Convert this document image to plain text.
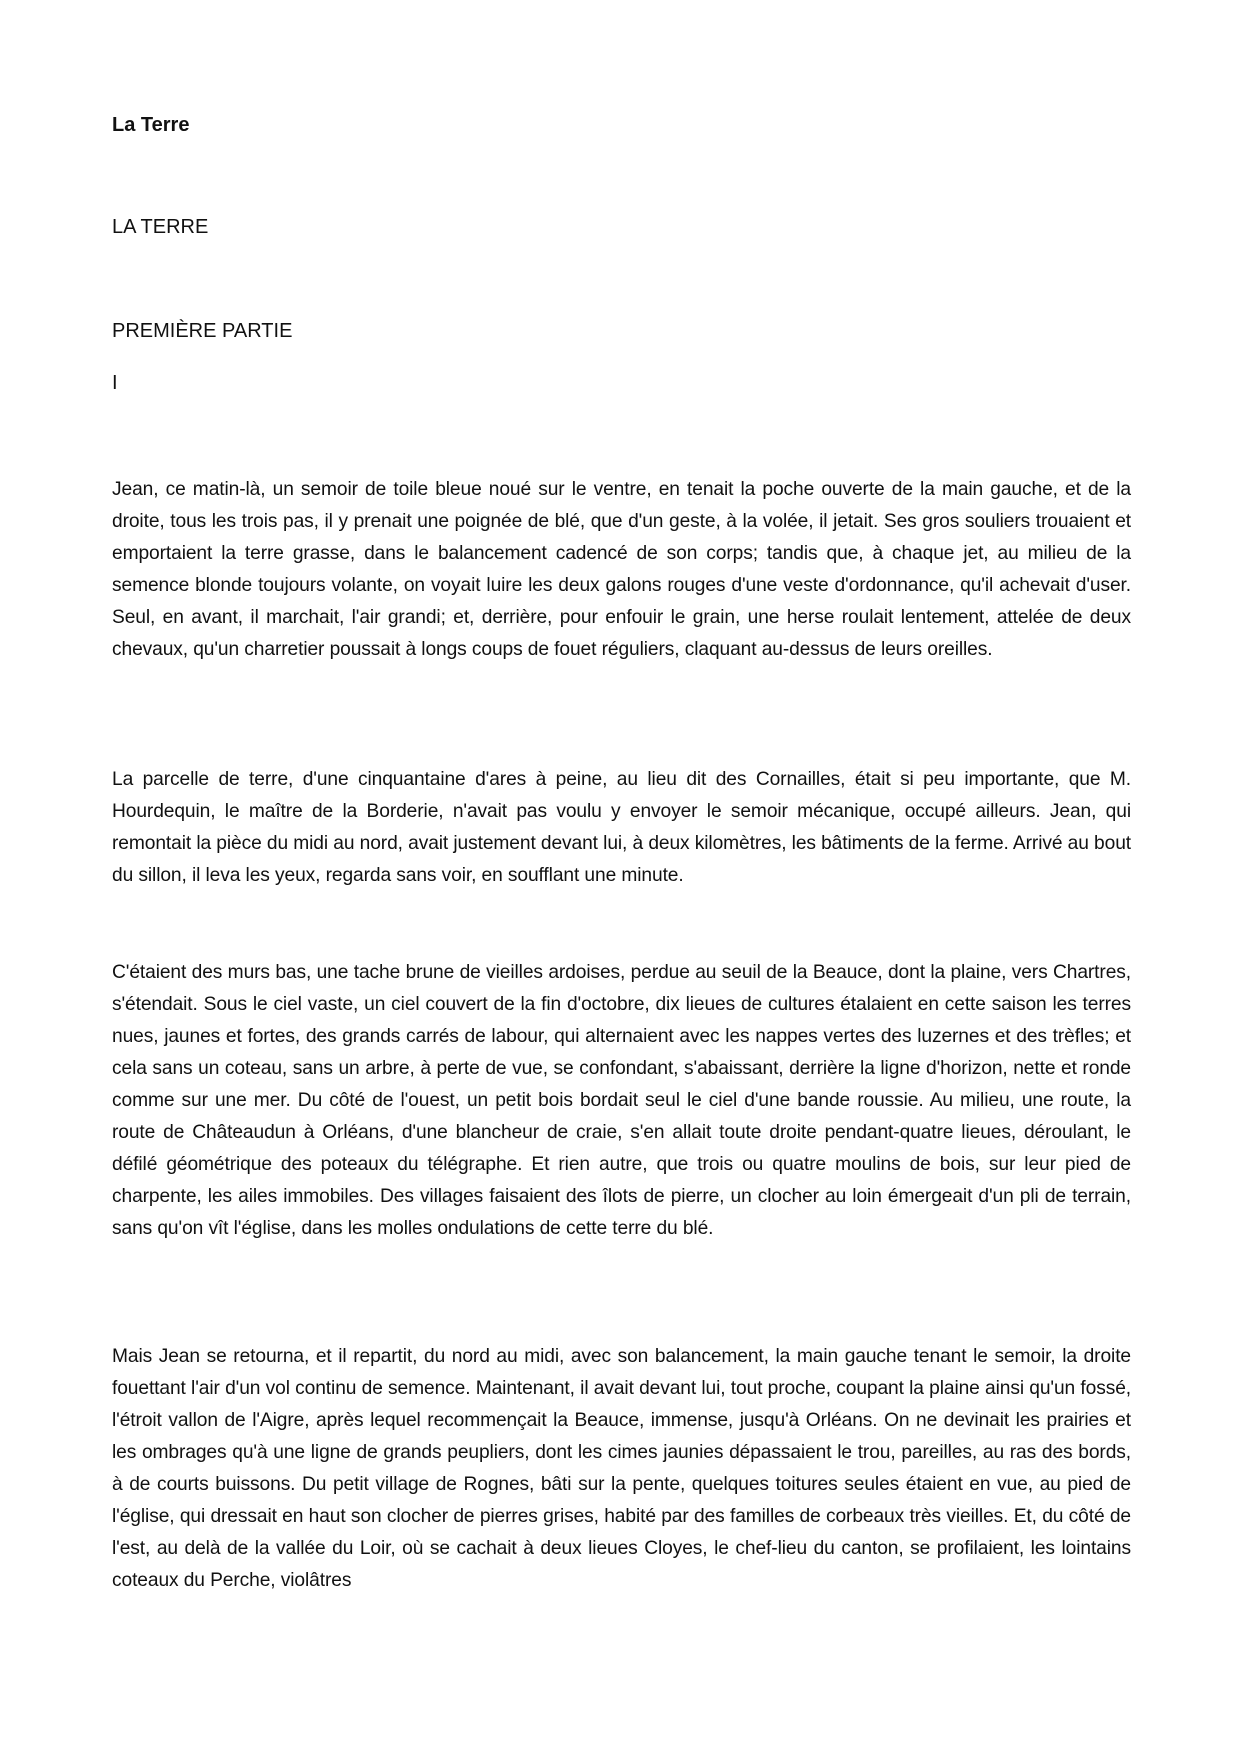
La Terre
LA TERRE
PREMIÈRE PARTIE
I

Jean, ce matin-là, un semoir de toile bleue noué sur le ventre, en tenait la poche ouverte de la main gauche, et de la droite, tous les trois pas, il y prenait une poignée de blé, que d'un geste, à la volée, il jetait. Ses gros souliers trouaient et emportaient la terre grasse, dans le balancement cadencé de son corps; tandis que, à chaque jet, au milieu de la semence blonde toujours volante, on voyait luire les deux galons rouges d'une veste d'ordonnance, qu'il achevait d'user. Seul, en avant, il marchait, l'air grandi; et, derrière, pour enfouir le grain, une herse roulait lentement, attelée de deux chevaux, qu'un charretier poussait à longs coups de fouet réguliers, claquant au-dessus de leurs oreilles.

La parcelle de terre, d'une cinquantaine d'ares à peine, au lieu dit des Cornailles, était si peu importante, que M. Hourdequin, le maître de la Borderie, n'avait pas voulu y envoyer le semoir mécanique, occupé ailleurs. Jean, qui remontait la pièce du midi au nord, avait justement devant lui, à deux kilomètres, les bâtiments de la ferme. Arrivé au bout du sillon, il leva les yeux, regarda sans voir, en soufflant une minute.

C'étaient des murs bas, une tache brune de vieilles ardoises, perdue au seuil de la Beauce, dont la plaine, vers Chartres, s'étendait. Sous le ciel vaste, un ciel couvert de la fin d'octobre, dix lieues de cultures étalaient en cette saison les terres nues, jaunes et fortes, des grands carrés de labour, qui alternaient avec les nappes vertes des luzernes et des trèfles; et cela sans un coteau, sans un arbre, à perte de vue, se confondant, s'abaissant, derrière la ligne d'horizon, nette et ronde comme sur une mer. Du côté de l'ouest, un petit bois bordait seul le ciel d'une bande roussie. Au milieu, une route, la route de Châteaudun à Orléans, d'une blancheur de craie, s'en allait toute droite pendant-quatre lieues, déroulant, le défilé géométrique des poteaux du télégraphe. Et rien autre, que trois ou quatre moulins de bois, sur leur pied de charpente, les ailes immobiles. Des villages faisaient des îlots de pierre, un clocher au loin émergeait d'un pli de terrain, sans qu'on vît l'église, dans les molles ondulations de cette terre du blé.

Mais Jean se retourna, et il repartit, du nord au midi, avec son balancement, la main gauche tenant le semoir, la droite fouettant l'air d'un vol continu de semence. Maintenant, il avait devant lui, tout proche, coupant la plaine ainsi qu'un fossé, l'étroit vallon de l'Aigre, après lequel recommençait la Beauce, immense, jusqu'à Orléans. On ne devinait les prairies et les ombrages qu'à une ligne de grands peupliers, dont les cimes jaunies dépassaient le trou, pareilles, au ras des bords, à de courts buissons. Du petit village de Rognes, bâti sur la pente, quelques toitures seules étaient en vue, au pied de l'église, qui dressait en haut son clocher de pierres grises, habité par des familles de corbeaux très vieilles. Et, du côté de l'est, au delà de la vallée du Loir, où se cachait à deux lieues Cloyes, le chef-lieu du canton, se profilaient, les lointains coteaux du Perche, violâtres
